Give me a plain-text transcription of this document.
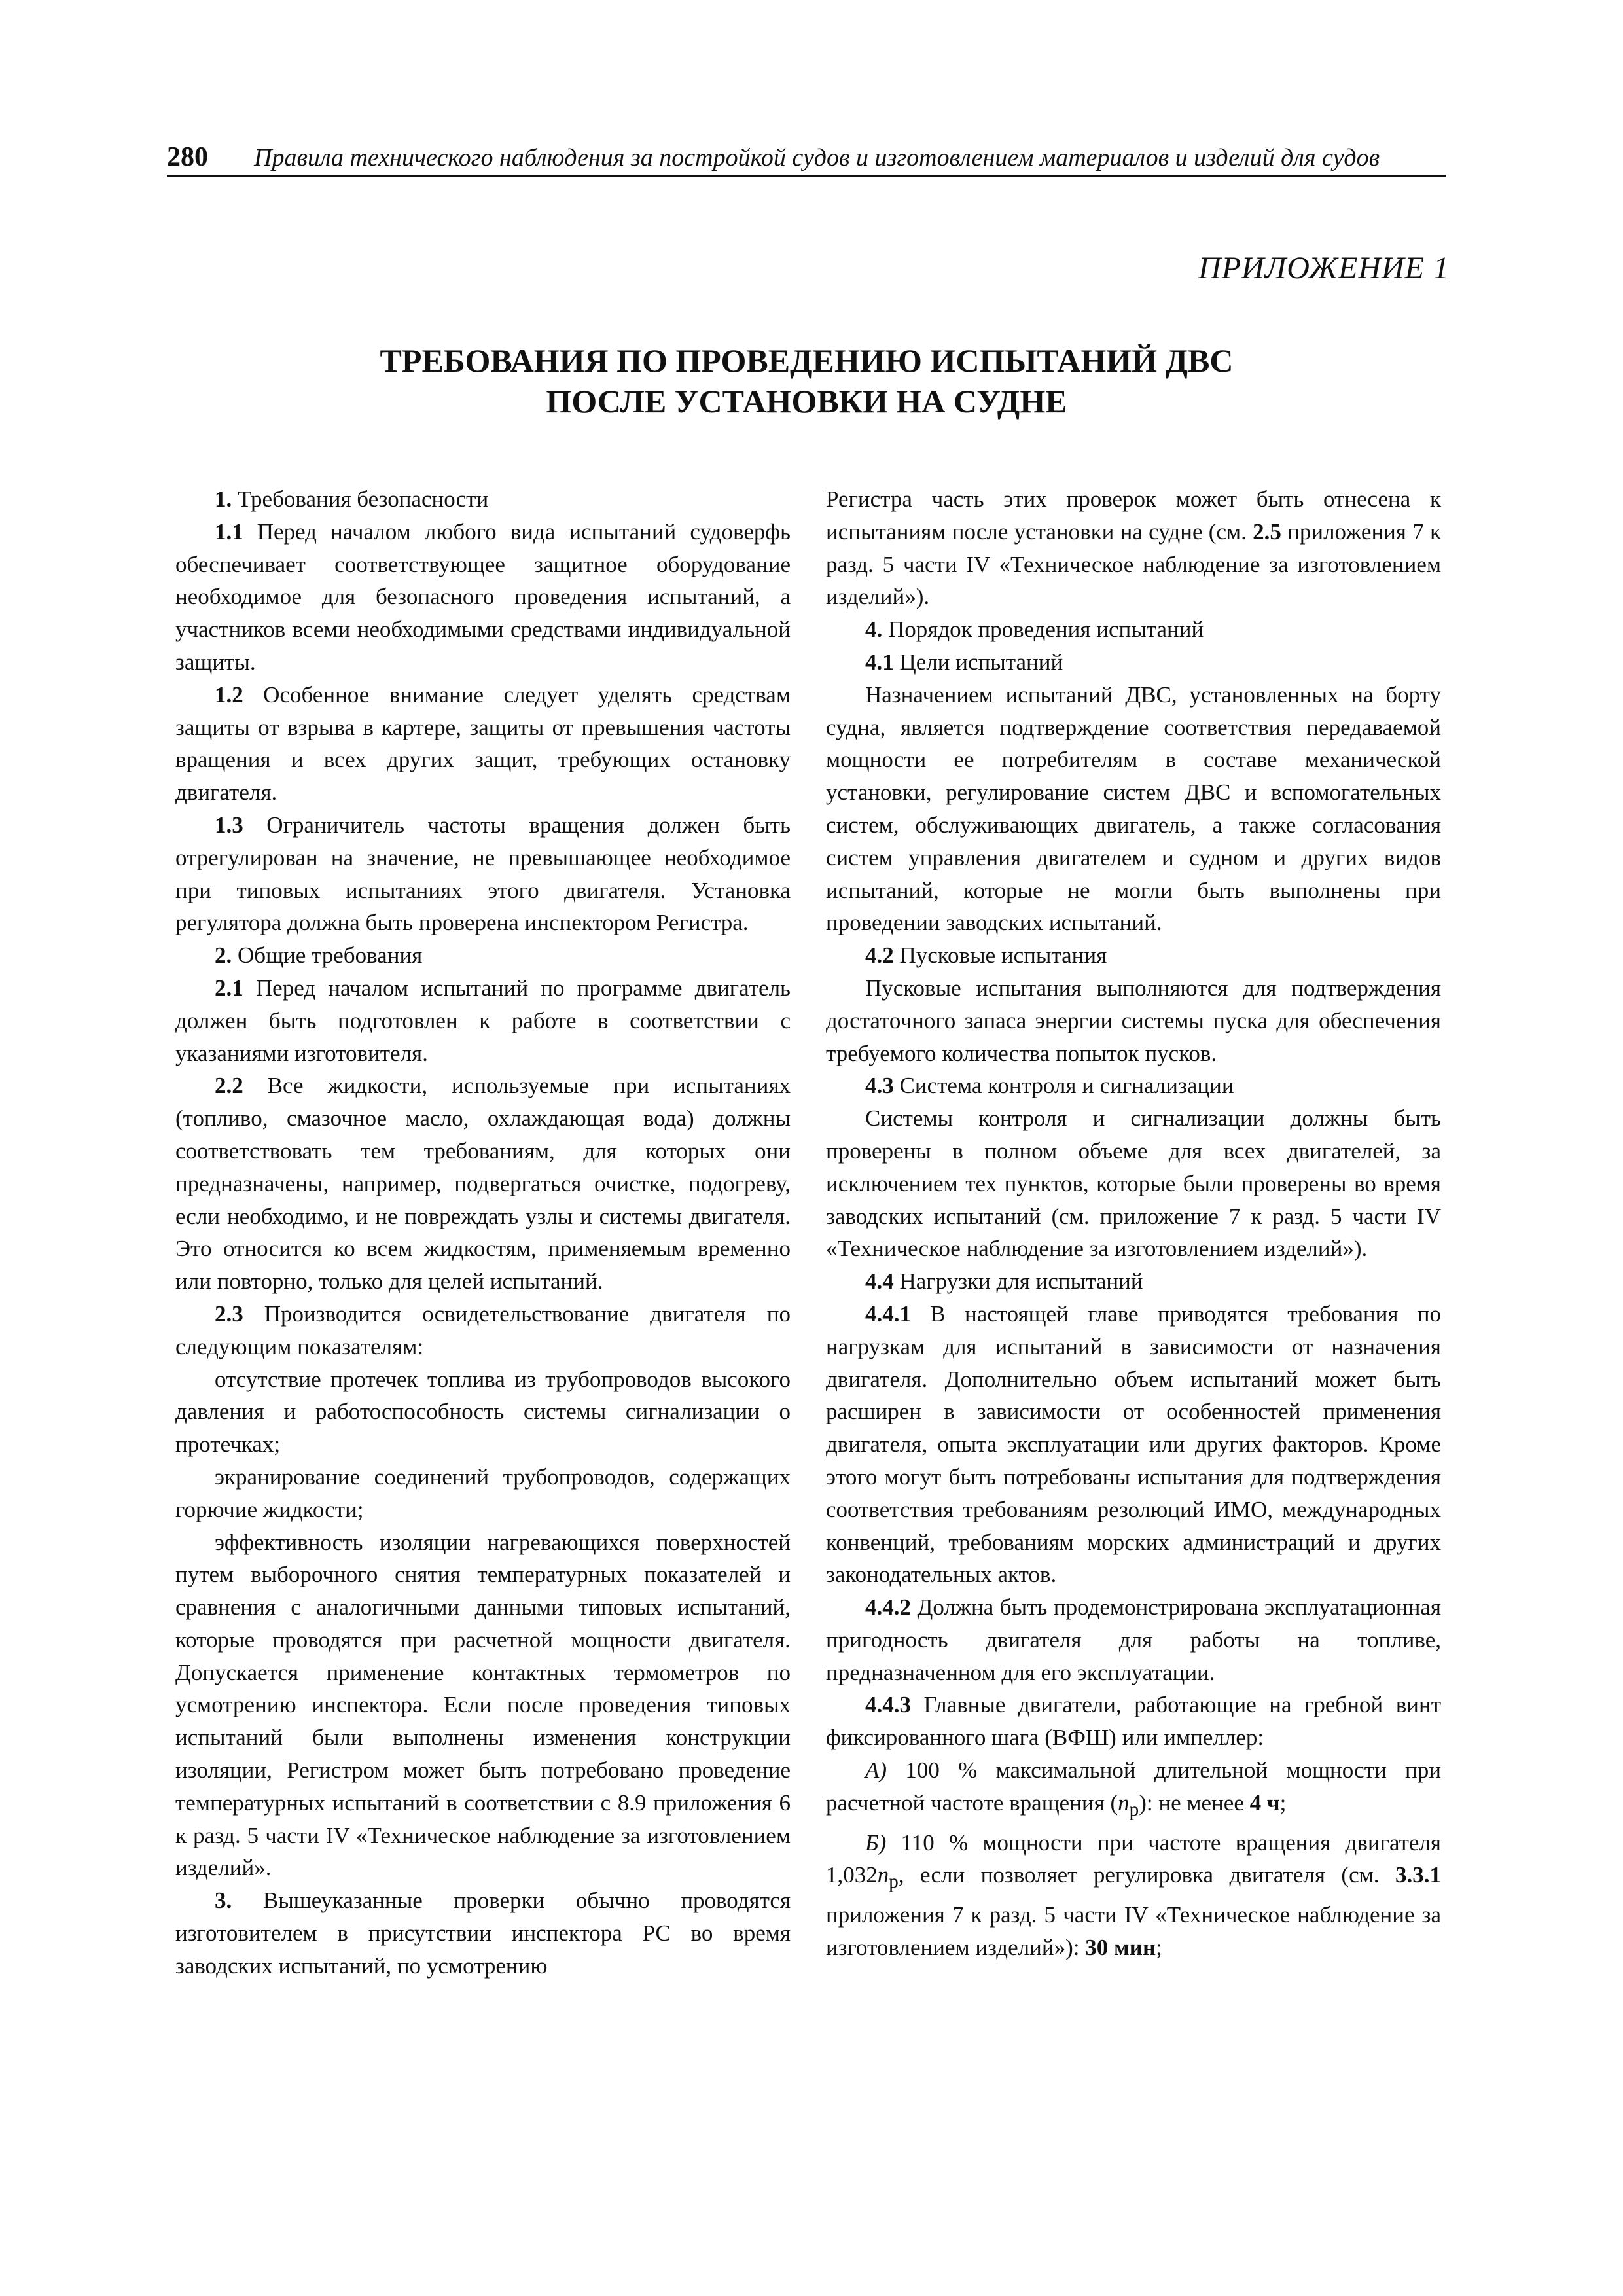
280 Правила технического наблюдения за постройкой судов и изготовлением материалов и изделий для судов
ПРИЛОЖЕНИЕ 1
ТРЕБОВАНИЯ ПО ПРОВЕДЕНИЮ ИСПЫТАНИЙ ДВС
ПОСЛЕ УСТАНОВКИ НА СУДНЕ

1. Требования безопасности

1.1 Перед началом любого вида испытаний судоверфь обеспечивает соответствующее защитное оборудование необходимое для безопасного проведения испытаний, а участников всеми необходимыми средствами индивидуальной защиты.

1.2 Особенное внимание следует уделять средствам защиты от взрыва в картере, защиты от превышения частоты вращения и всех других защит, требующих остановку двигателя.

1.3 Ограничитель частоты вращения должен быть отрегулирован на значение, не превышающее необходимое при типовых испытаниях этого двигателя. Установка регулятора должна быть проверена инспектором Регистра.

2. Общие требования

2.1 Перед началом испытаний по программе двигатель должен быть подготовлен к работе в соответствии с указаниями изготовителя.

2.2 Все жидкости, используемые при испытаниях (топливо, смазочное масло, охлаждающая вода) должны соответствовать тем требованиям, для которых они предназначены, например, подвергаться очистке, подогреву, если необходимо, и не повреждать узлы и системы двигателя. Это относится ко всем жидкостям, применяемым временно или повторно, только для целей испытаний.

2.3 Производится освидетельствование двигателя по следующим показателям:

отсутствие протечек топлива из трубопроводов высокого давления и работоспособность системы сигнализации о протечках;

экранирование соединений трубопроводов, содержащих горючие жидкости;

эффективность изоляции нагревающихся поверхностей путем выборочного снятия температурных показателей и сравнения с аналогичными данными типовых испытаний, которые проводятся при расчетной мощности двигателя. Допускается применение контактных термометров по усмотрению инспектора. Если после проведения типовых испытаний были выполнены изменения конструкции изоляции, Регистром может быть потребовано проведение температурных испытаний в соответствии с 8.9 приложения 6 к разд. 5 части IV «Техническое наблюдение за изготовлением изделий».

3. Вышеуказанные проверки обычно проводятся изготовителем в присутствии инспектора РС во время заводских испытаний, по усмотрению

Регистра часть этих проверок может быть отнесена к испытаниям после установки на судне (см. 2.5 приложения 7 к разд. 5 части IV «Техническое наблюдение за изготовлением изделий»).

4. Порядок проведения испытаний

4.1 Цели испытаний

Назначением испытаний ДВС, установленных на борту судна, является подтверждение соответствия передаваемой мощности ее потребителям в составе механической установки, регулирование систем ДВС и вспомогательных систем, обслуживающих двигатель, а также согласования систем управления двигателем и судном и других видов испытаний, которые не могли быть выполнены при проведении заводских испытаний.

4.2 Пусковые испытания

Пусковые испытания выполняются для подтверждения достаточного запаса энергии системы пуска для обеспечения требуемого количества попыток пусков.

4.3 Система контроля и сигнализации

Системы контроля и сигнализации должны быть проверены в полном объеме для всех двигателей, за исключением тех пунктов, которые были проверены во время заводских испытаний (см. приложение 7 к разд. 5 части IV «Техническое наблюдение за изготовлением изделий»).

4.4 Нагрузки для испытаний

4.4.1 В настоящей главе приводятся требования по нагрузкам для испытаний в зависимости от назначения двигателя. Дополнительно объем испытаний может быть расширен в зависимости от особенностей применения двигателя, опыта эксплуатации или других факторов. Кроме этого могут быть потребованы испытания для подтверждения соответствия требованиям резолюций ИМО, международных конвенций, требованиям морских администраций и других законодательных актов.

4.4.2 Должна быть продемонстрирована эксплуатационная пригодность двигателя для работы на топливе, предназначенном для его эксплуатации.

4.4.3 Главные двигатели, работающие на гребной винт фиксированного шага (ВФШ) или импеллер:

А) 100 % максимальной длительной мощности при расчетной частоте вращения $(n_р)$: не менее 4 ч;

Б) 110 % мощности при частоте вращения двигателя $1,032n_р$, если позволяет регулировка двигателя (см. 3.3.1 приложения 7 к разд. 5 части IV «Техническое наблюдение за изготовлением изделий»): 30 мин;
